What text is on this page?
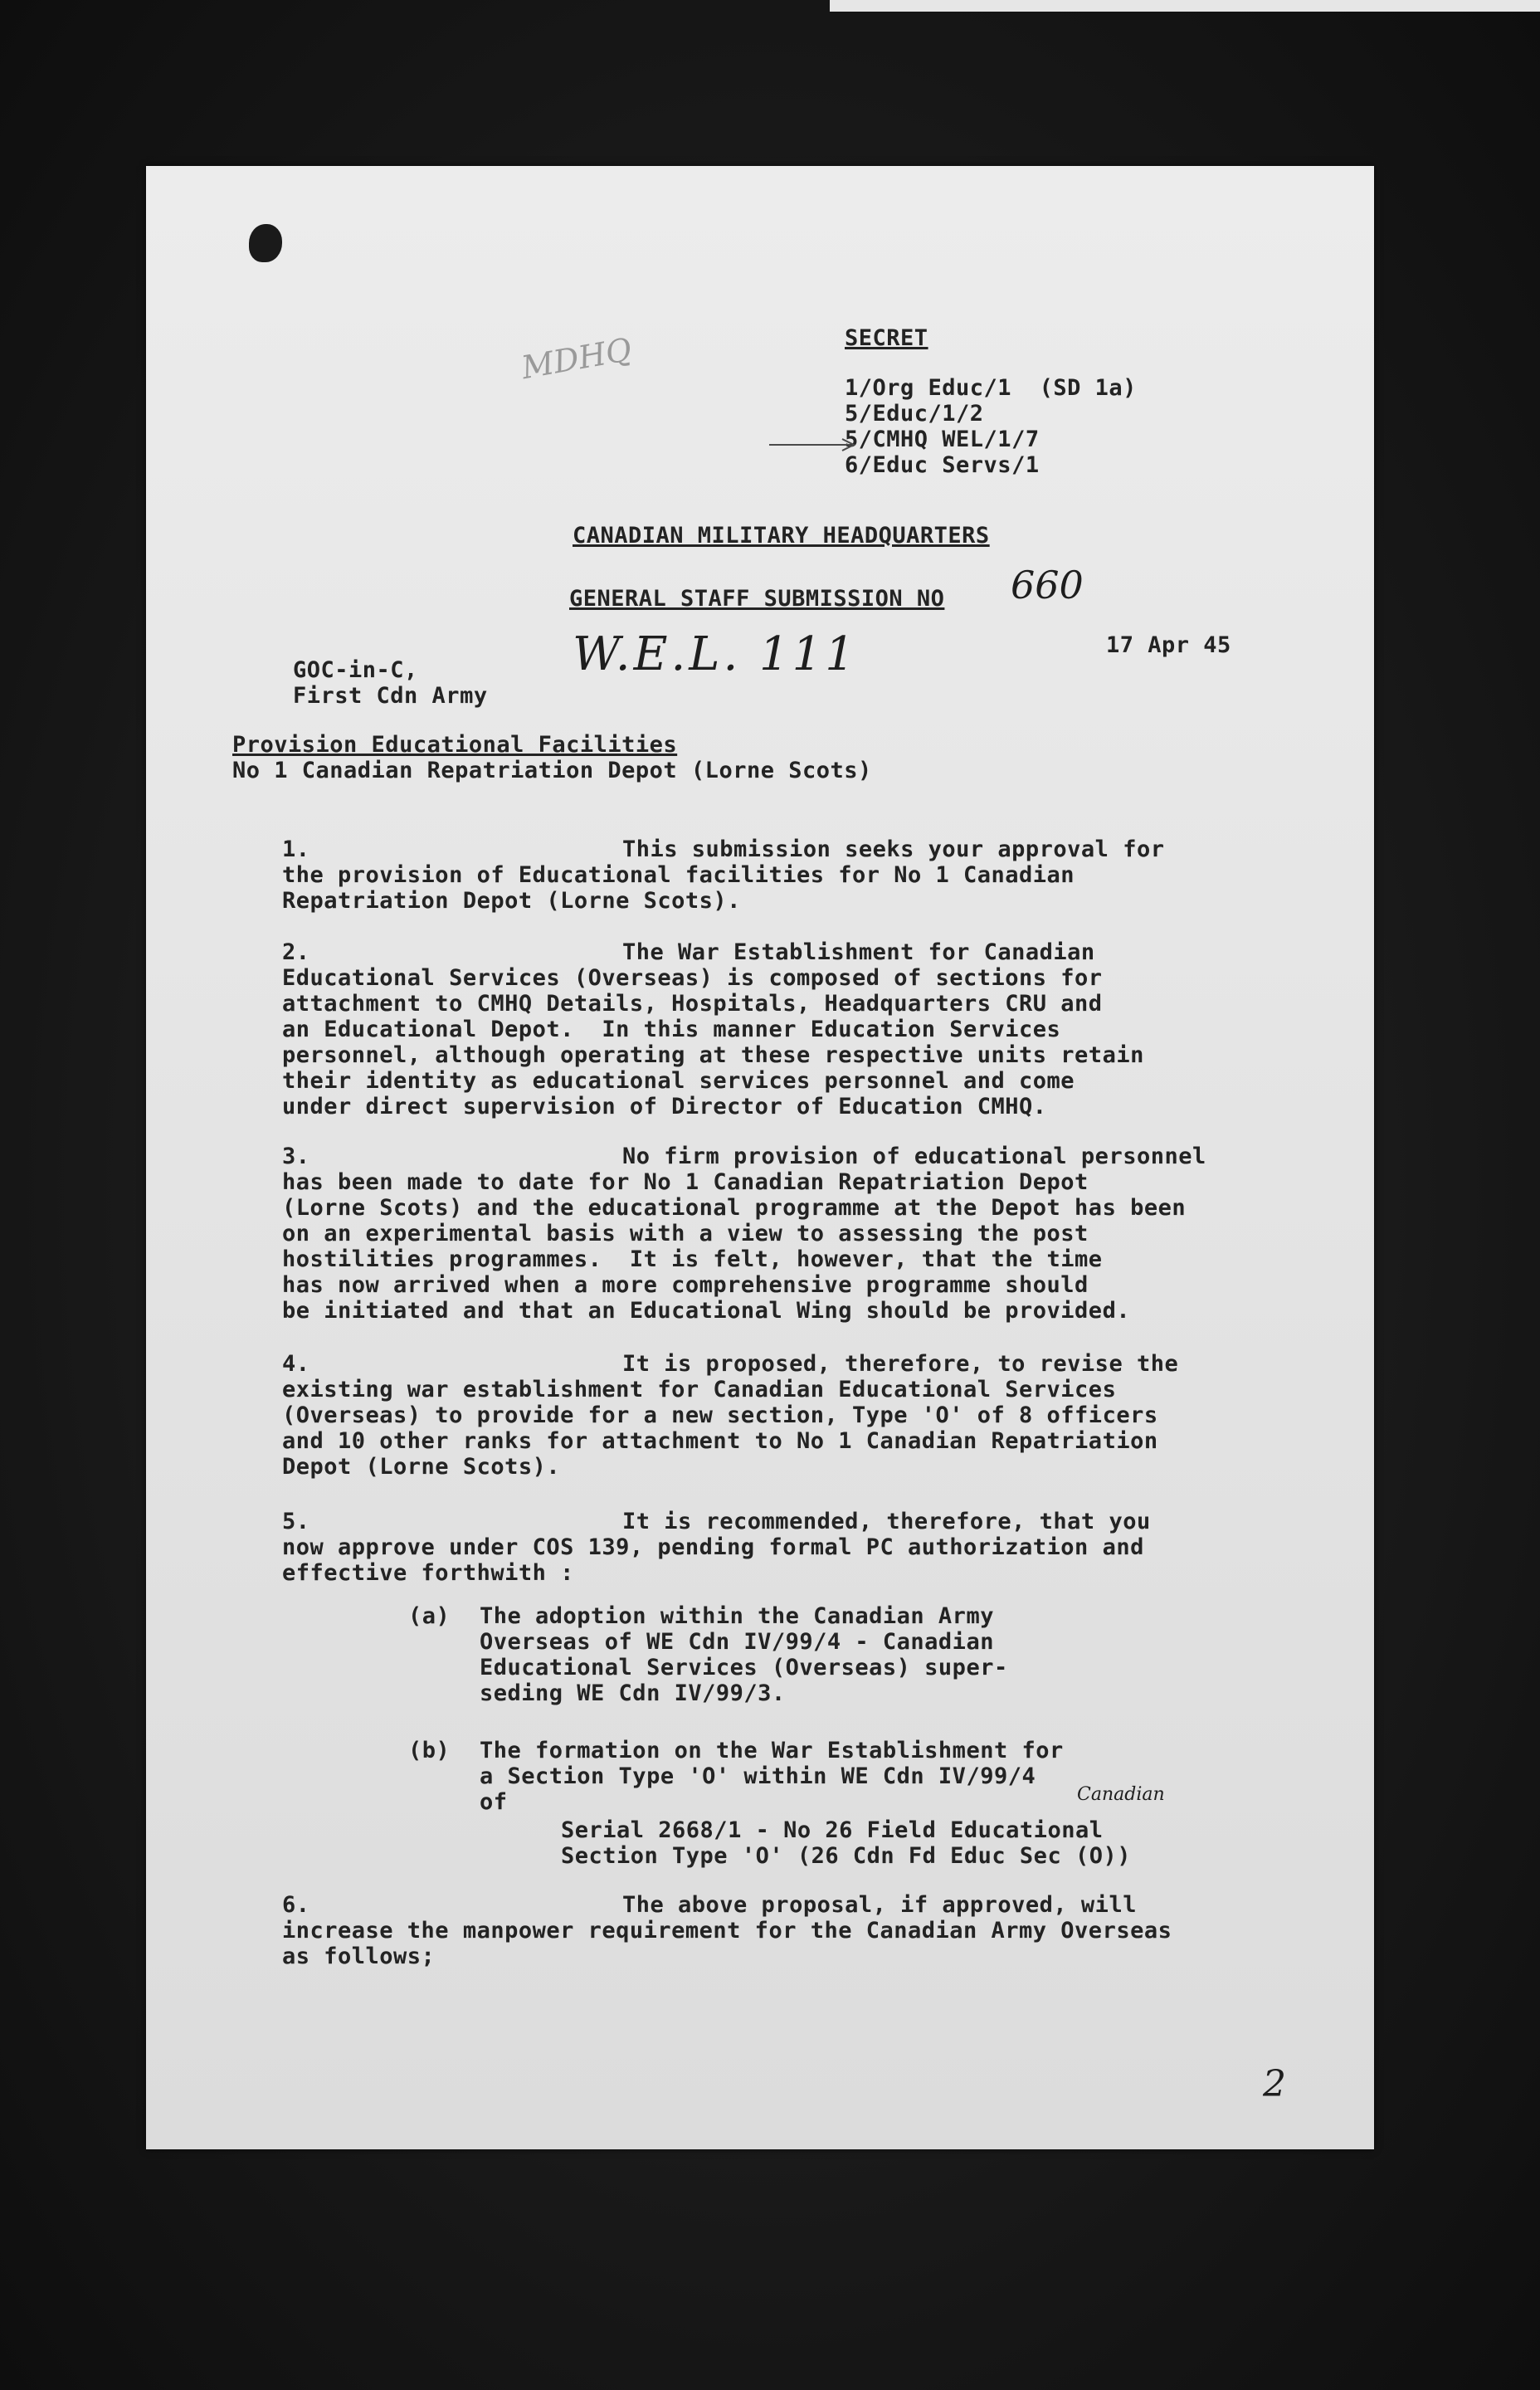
MDHQ	SECRET
1/Org Educ/1  (SD 1a)
5/Educ/1/2
5/CMHQ WEL/1/7
6/Educ Servs/1
CANADIAN MILITARY HEADQUARTERS
GENERAL STAFF SUBMISSION NO 660
W.E.L. 111	17 Apr 45
GOC-in-C,
First Cdn Army
Provision Educational Facilities
No 1 Canadian Repatriation Depot (Lorne Scots)
1.	This submission seeks your approval for
the provision of Educational facilities for No 1 Canadian
Repatriation Depot (Lorne Scots).
2.	The War Establishment for Canadian
Educational Services (Overseas) is composed of sections for
attachment to CMHQ Details, Hospitals, Headquarters CRU and
an Educational Depot.  In this manner Education Services
personnel, although operating at these respective units retain
their identity as educational services personnel and come
under direct supervision of Director of Education CMHQ.
3.	No firm provision of educational personnel
has been made to date for No 1 Canadian Repatriation Depot
(Lorne Scots) and the educational programme at the Depot has been
on an experimental basis with a view to assessing the post
hostilities programmes.  It is felt, however, that the time
has now arrived when a more comprehensive programme should
be initiated and that an Educational Wing should be provided.
4.	It is proposed, therefore, to revise the
existing war establishment for Canadian Educational Services
(Overseas) to provide for a new section, Type 'O' of 8 officers
and 10 other ranks for attachment to No 1 Canadian Repatriation
Depot (Lorne Scots).
5.	It is recommended, therefore, that you
now approve under COS 139, pending formal PC authorization and
effective forthwith :
(a) The adoption within the Canadian Army
Overseas of WE Cdn IV/99/4 - Canadian
Educational Services (Overseas) super-
seding WE Cdn IV/99/3.
(b) The formation on the War Establishment for
a Section Type 'O' within WE Cdn IV/99/4
of	Canadian
Serial 2668/1 - No 26 Field Educational
Section Type 'O' (26 Cdn Fd Educ Sec (O))
6.	The above proposal, if approved, will
increase the manpower requirement for the Canadian Army Overseas
as follows;
2
